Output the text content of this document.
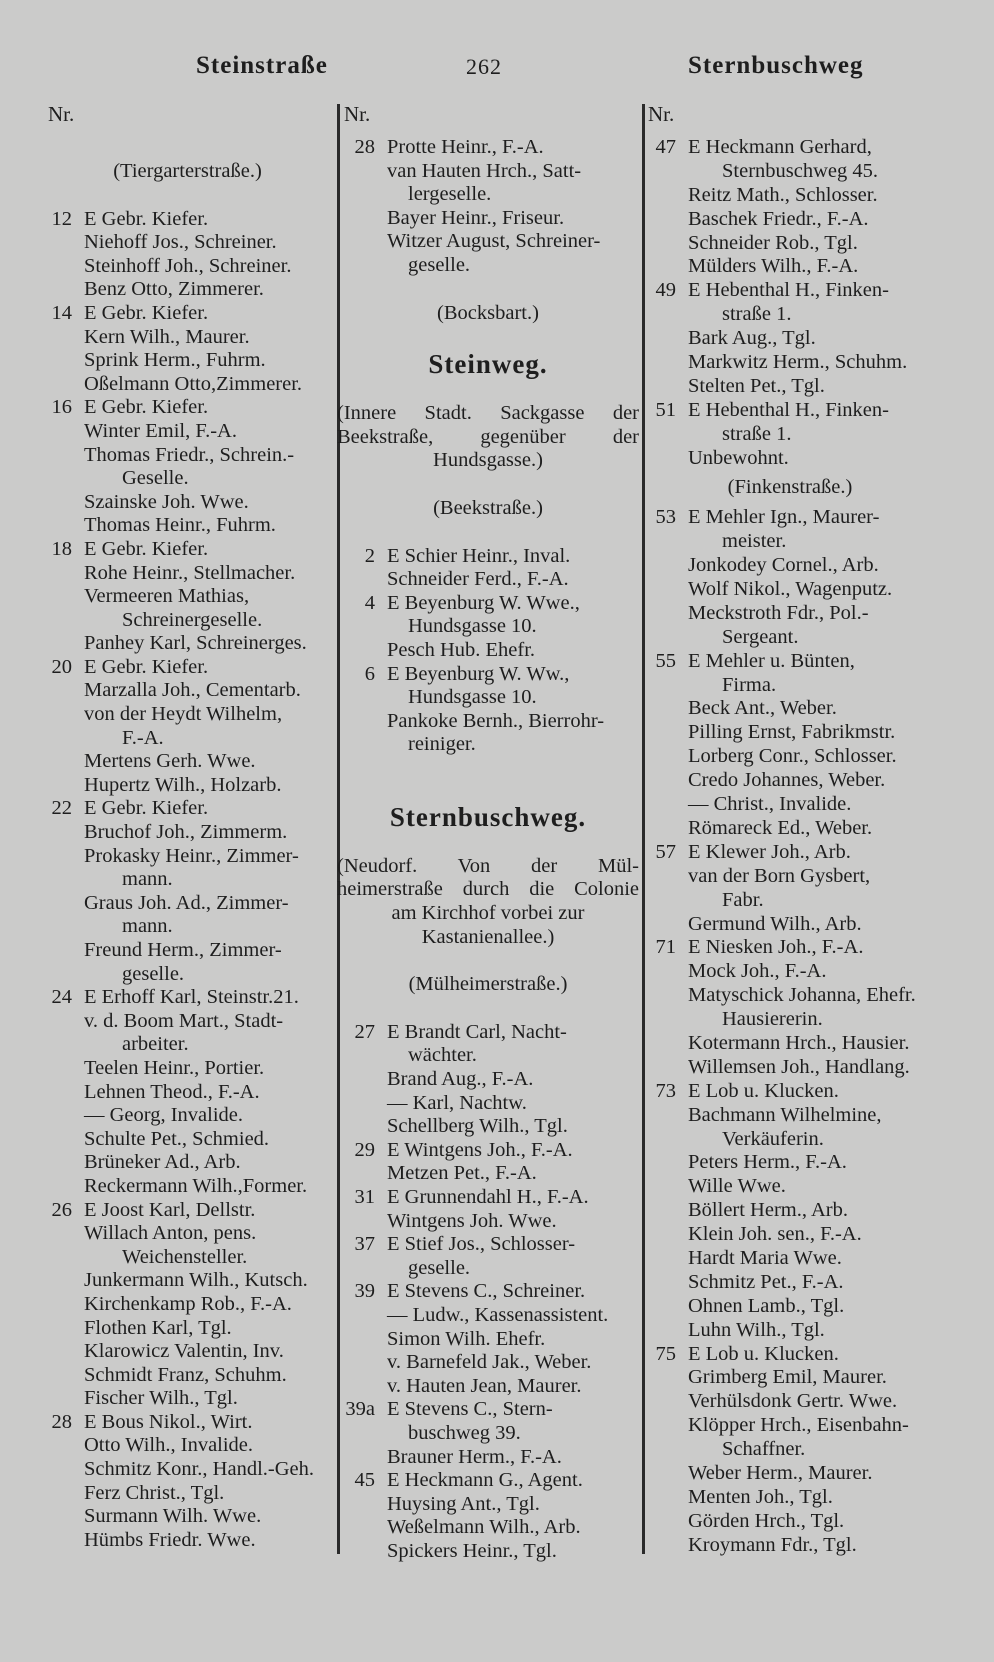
Steinstraße	262	Sternbuschweg
Nr.	Nr.	Nr.
(Tiergarterstraße.)
12 E Gebr. Kiefer.
Niehoff Jos., Schreiner.
Steinhoff Joh., Schreiner.
Benz Otto, Zimmerer.
14 E Gebr. Kiefer.
Kern Wilh., Maurer.
Sprink Herm., Fuhrm.
Oßelmann Otto,Zimmerer.
16 E Gebr. Kiefer.
Winter Emil, F.-A.
Thomas Friedr., Schrein.-
Geselle.
Szainske Joh. Wwe.
Thomas Heinr., Fuhrm.
18 E Gebr. Kiefer.
Rohe Heinr., Stellmacher.
Vermeeren Mathias,
Schreinergeselle.
Panhey Karl, Schreinerges.
20 E Gebr. Kiefer.
Marzalla Joh., Cementarb.
von der Heydt Wilhelm,
F.-A.
Mertens Gerh. Wwe.
Hupertz Wilh., Holzarb.
22 E Gebr. Kiefer.
Bruchof Joh., Zimmerm.
Prokasky Heinr., Zimmer-
mann.
Graus Joh. Ad., Zimmer-
mann.
Freund Herm., Zimmer-
geselle.
24 E Erhoff Karl, Steinstr.21.
v. d. Boom Mart., Stadt-
arbeiter.
Teelen Heinr., Portier.
Lehnen Theod., F.-A.
— Georg, Invalide.
Schulte Pet., Schmied.
Brüneker Ad., Arb.
Reckermann Wilh.,Former.
26 E Joost Karl, Dellstr.
Willach Anton, pens.
Weichensteller.
Junkermann Wilh., Kutsch.
Kirchenkamp Rob., F.-A.
Flothen Karl, Tgl.
Klarowicz Valentin, Inv.
Schmidt Franz, Schuhm.
Fischer Wilh., Tgl.
28 E Bous Nikol., Wirt.
Otto Wilh., Invalide.
Schmitz Konr., Handl.-Geh.
Ferz Christ., Tgl.
Surmann Wilh. Wwe.
Hümbs Friedr. Wwe.
28 Protte Heinr., F.-A.
van Hauten Hrch., Satt-
lergeselle.
Bayer Heinr., Friseur.
Witzer August, Schreiner-
geselle.
(Bocksbart.)
Steinweg.
(Innere Stadt. Sackgasse der
Beekstraße, gegenüber der
Hundsgasse.)
(Beekstraße.)
2 E Schier Heinr., Inval.
Schneider Ferd., F.-A.
4 E Beyenburg W. Wwe.,
Hundsgasse 10.
Pesch Hub. Ehefr.
6 E Beyenburg W. Ww.,
Hundsgasse 10.
Pankoke Bernh., Bierrohr-
reiniger.
Sternbuschweg.
(Neudorf. Von der Mül-
heimerstraße durch die Colonie
am Kirchhof vorbei zur
Kastanienallee.)
(Mülheimerstraße.)
27 E Brandt Carl, Nacht-
wächter.
Brand Aug., F.-A.
— Karl, Nachtw.
Schellberg Wilh., Tgl.
29 E Wintgens Joh., F.-A.
Metzen Pet., F.-A.
31 E Grunnendahl H., F.-A.
Wintgens Joh. Wwe.
37 E Stief Jos., Schlosser-
geselle.
39 E Stevens C., Schreiner.
— Ludw., Kassenassistent.
Simon Wilh. Ehefr.
v. Barnefeld Jak., Weber.
v. Hauten Jean, Maurer.
39a E Stevens C., Stern-
buschweg 39.
Brauner Herm., F.-A.
45 E Heckmann G., Agent.
Huysing Ant., Tgl.
Weßelmann Wilh., Arb.
Spickers Heinr., Tgl.
47 E Heckmann Gerhard,
Sternbuschweg 45.
Reitz Math., Schlosser.
Baschek Friedr., F.-A.
Schneider Rob., Tgl.
Mülders Wilh., F.-A.
49 E Hebenthal H., Finken-
straße 1.
Bark Aug., Tgl.
Markwitz Herm., Schuhm.
Stelten Pet., Tgl.
51 E Hebenthal H., Finken-
straße 1.
Unbewohnt.
(Finkenstraße.)
53 E Mehler Ign., Maurer-
meister.
Jonkodey Cornel., Arb.
Wolf Nikol., Wagenputz.
Meckstroth Fdr., Pol.-
Sergeant.
55 E Mehler u. Bünten,
Firma.
Beck Ant., Weber.
Pilling Ernst, Fabrikmstr.
Lorberg Conr., Schlosser.
Credo Johannes, Weber.
— Christ., Invalide.
Römareck Ed., Weber.
57 E Klewer Joh., Arb.
van der Born Gysbert,
Fabr.
Germund Wilh., Arb.
71 E Niesken Joh., F.-A.
Mock Joh., F.-A.
Matyschick Johanna, Ehefr.
Hausiererin.
Kotermann Hrch., Hausier.
Willemsen Joh., Handlang.
73 E Lob u. Klucken.
Bachmann Wilhelmine,
Verkäuferin.
Peters Herm., F.-A.
Wille Wwe.
Böllert Herm., Arb.
Klein Joh. sen., F.-A.
Hardt Maria Wwe.
Schmitz Pet., F.-A.
Ohnen Lamb., Tgl.
Luhn Wilh., Tgl.
75 E Lob u. Klucken.
Grimberg Emil, Maurer.
Verhülsdonk Gertr. Wwe.
Klöpper Hrch., Eisenbahn-
Schaffner.
Weber Herm., Maurer.
Menten Joh., Tgl.
Görden Hrch., Tgl.
Kroymann Fdr., Tgl.
